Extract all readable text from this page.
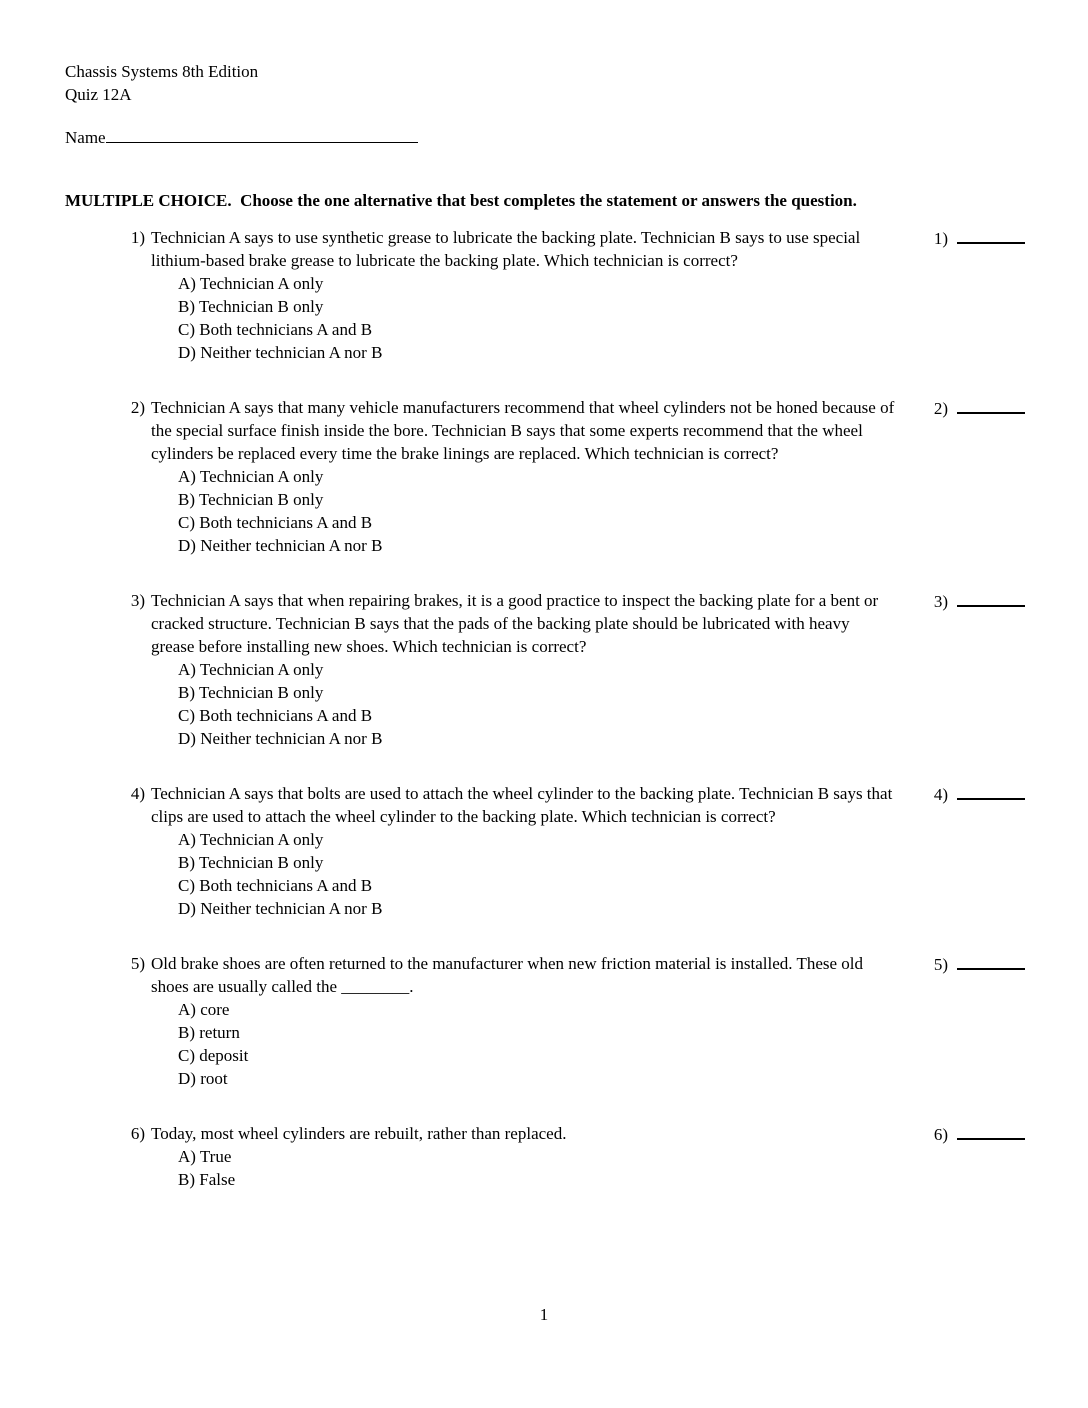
Chassis Systems 8th Edition
Quiz 12A
Name
MULTIPLE CHOICE.  Choose the one alternative that best completes the statement or answers the question.
1) Technician A says to use synthetic grease to lubricate the backing plate. Technician B says to use special lithium-based brake grease to lubricate the backing plate. Which technician is correct?
A) Technician A only
B) Technician B only
C) Both technicians A and B
D) Neither technician A nor B
1)
2) Technician A says that many vehicle manufacturers recommend that wheel cylinders not be honed because of the special surface finish inside the bore. Technician B says that some experts recommend that the wheel cylinders be replaced every time the brake linings are replaced. Which technician is correct?
A) Technician A only
B) Technician B only
C) Both technicians A and B
D) Neither technician A nor B
2)
3) Technician A says that when repairing brakes, it is a good practice to inspect the backing plate for a bent or cracked structure. Technician B says that the pads of the backing plate should be lubricated with heavy grease before installing new shoes. Which technician is correct?
A) Technician A only
B) Technician B only
C) Both technicians A and B
D) Neither technician A nor B
3)
4) Technician A says that bolts are used to attach the wheel cylinder to the backing plate. Technician B says that clips are used to attach the wheel cylinder to the backing plate. Which technician is correct?
A) Technician A only
B) Technician B only
C) Both technicians A and B
D) Neither technician A nor B
4)
5) Old brake shoes are often returned to the manufacturer when new friction material is installed. These old shoes are usually called the ________.
A) core
B) return
C) deposit
D) root
5)
6) Today, most wheel cylinders are rebuilt, rather than replaced.
A) True
B) False
6)
1
